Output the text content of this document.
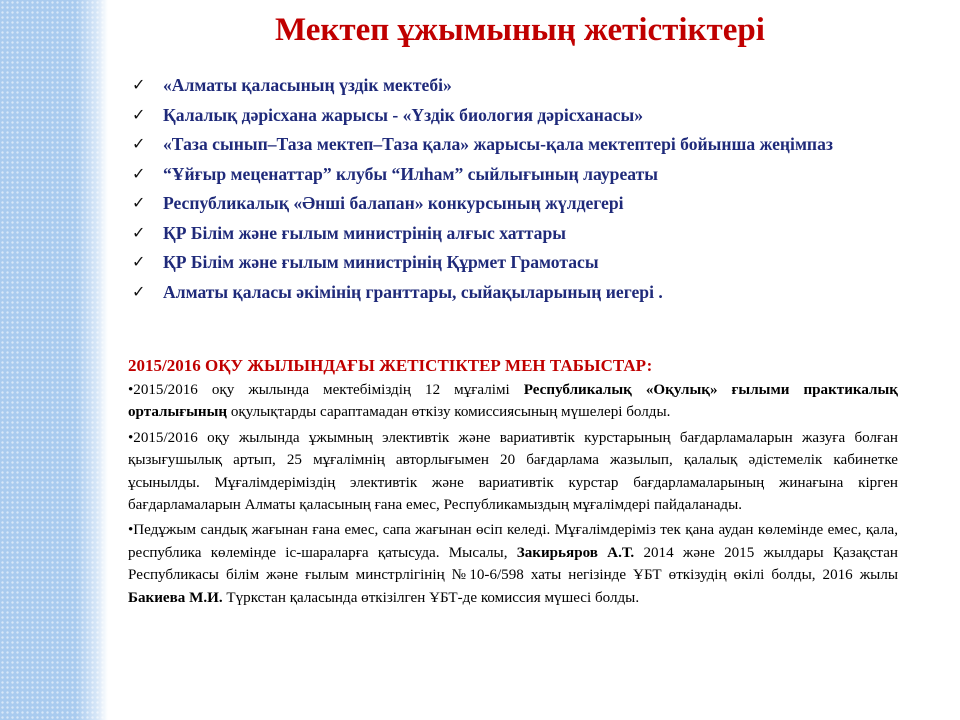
Мектеп ұжымының жетістіктері
✓ «Алматы қаласының үздік мектебі»
✓ Қалалық дәрісхана жарысы - «Үздік биология дәрісханасы»
✓ «Таза сынып–Таза мектеп–Таза қала» жарысы-қала мектептері бойынша жеңімпаз
✓ “Ұйғыр меценаттар” клубы “Илһам” сыйлығының лауреаты
✓ Республикалық «Әнші балапан» конкурсының жүлдегері
✓ ҚР Білім және ғылым министрінің алғыс хаттары
✓ ҚР Білім және ғылым министрінің Құрмет Грамотасы
✓ Алматы қаласы әкімінің гранттары, сыйақыларының иегері .

2015/2016 ОҚУ ЖЫЛЫНДАҒЫ ЖЕТІСТІКТЕР МЕН ТАБЫСТАР:

•2015/2016 оқу жылында мектебіміздің 12 мұғалімі Республикалық «Оқулық» ғылыми практикалық орталығының оқулықтарды сараптамадан өткізу комиссиясының мүшелері болды.

•2015/2016 оқу жылында ұжымның элективтік және вариативтік курстарының бағдарламаларын жазуға болған қызығушылық артып, 25 мұғалімнің авторлығымен 20 бағдарлама жазылып, қалалық әдістемелік кабинетке ұсынылды. Мұғалімдеріміздің элективтік және вариативтік курстар бағдарламаларының жинағына кірген бағдарламаларын Алматы қаласының ғана емес, Республикамыздың мұғалімдері пайдаланады.

•Педұжым сандық жағынан ғана емес, сапа жағынан өсіп келеді. Мұғалімдеріміз тек қана аудан көлемінде емес, қала, республика көлемінде іс-шараларға қатысуда. Мысалы, Закирьяров А.Т. 2014 және 2015 жылдары Қазақстан Республикасы білім және ғылым минстрлігінің №10-6/598 хаты негізінде ҰБТ өткізудің өкілі болды, 2016 жылы Бакиева М.И. Түркстан қаласында өткізілген ҰБТ-де комиссия мүшесі болды.
